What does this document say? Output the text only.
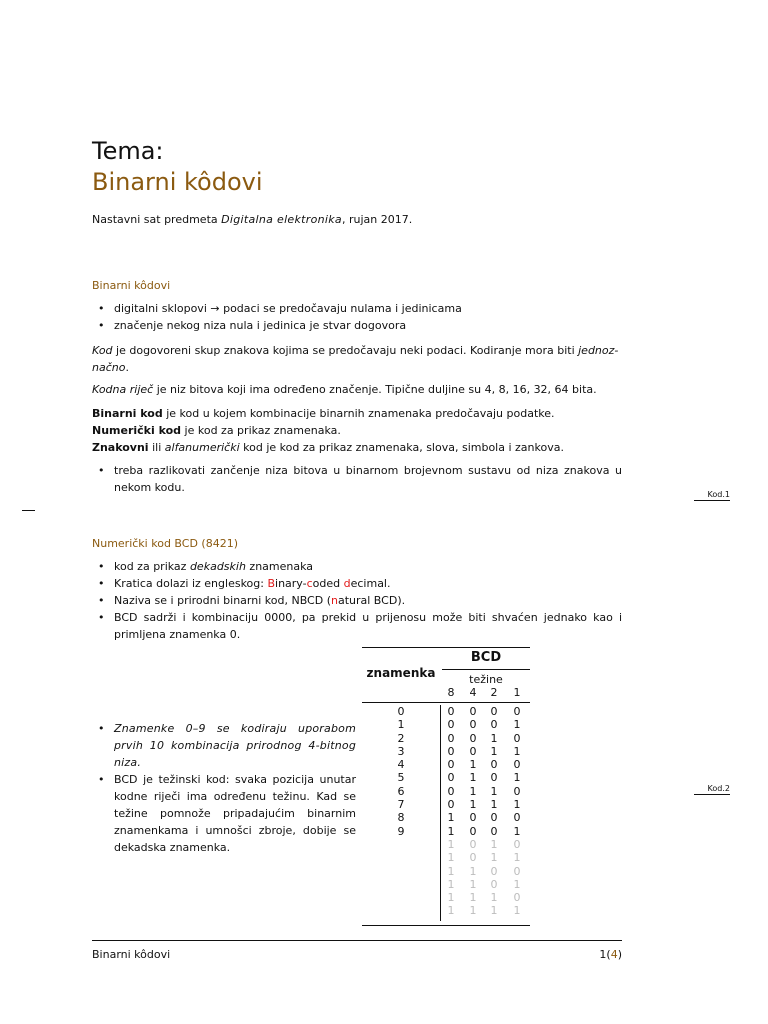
Tema:
Binarni kôdovi
Nastavni sat predmeta Digitalna elektronika, rujan 2017.
Binarni kôdovi
• digitalni sklopovi → podaci se predočavaju nulama i jedinicama
• značenje nekog niza nula i jedinica je stvar dogovora
Kod je dogovoreni skup znakova kojima se predočavaju neki podaci. Kodiranje mora biti jednoz-
načno.
Kodna riječ je niz bitova koji ima određeno značenje. Tipične duljine su 4, 8, 16, 32, 64 bita.
Binarni kod je kod u kojem kombinacije binarnih znamenaka predočavaju podatke.
Numerički kod je kod za prikaz znamenaka.
Znakovni ili alfanumerički kod je kod za prikaz znamenaka, slova, simbola i zankova.
• treba razlikovati zančenje niza bitova u binarnom brojevnom sustavu od niza znakova u nekom kodu.
Kod.1
Numerički kod BCD (8421)
• kod za prikaz dekadskih znamenaka
• Kratica dolazi iz engleskog: Binary-coded decimal.
• Naziva se i prirodni binarni kod, NBCD (natural BCD).
• BCD sadrži i kombinaciju 0000, pa prekid u prijenosu može biti shvaćen jednako kao i primljena znamenka 0.
• Znamenke 0–9 se kodiraju uporabom prvih 10 kombinacija prirodnog 4-bitnog niza.
• BCD je težinski kod: svaka pozicija unutar kodne riječi ima određenu težinu. Kad se težine pomnože pripadajućim binarnim znamenkama i umnošci zbroje, dobije se dekadska znamenka.
znamenka
BCD
težine
8 4 2 1
0
1
2
3
4
5
6
7
8
9
0
0
0
0
0
0
0
0
1
1
1
1
1
1
1
1
0
0
0
0
1
1
1
1
0
0
0
0
1
1
1
1
0
0
1
1
0
0
1
1
0
0
1
1
0
0
1
1
0
1
0
1
0
1
0
1
0
1
0
1
0
1
0
1
Kod.2
Binarni kôdovi	1(4)
